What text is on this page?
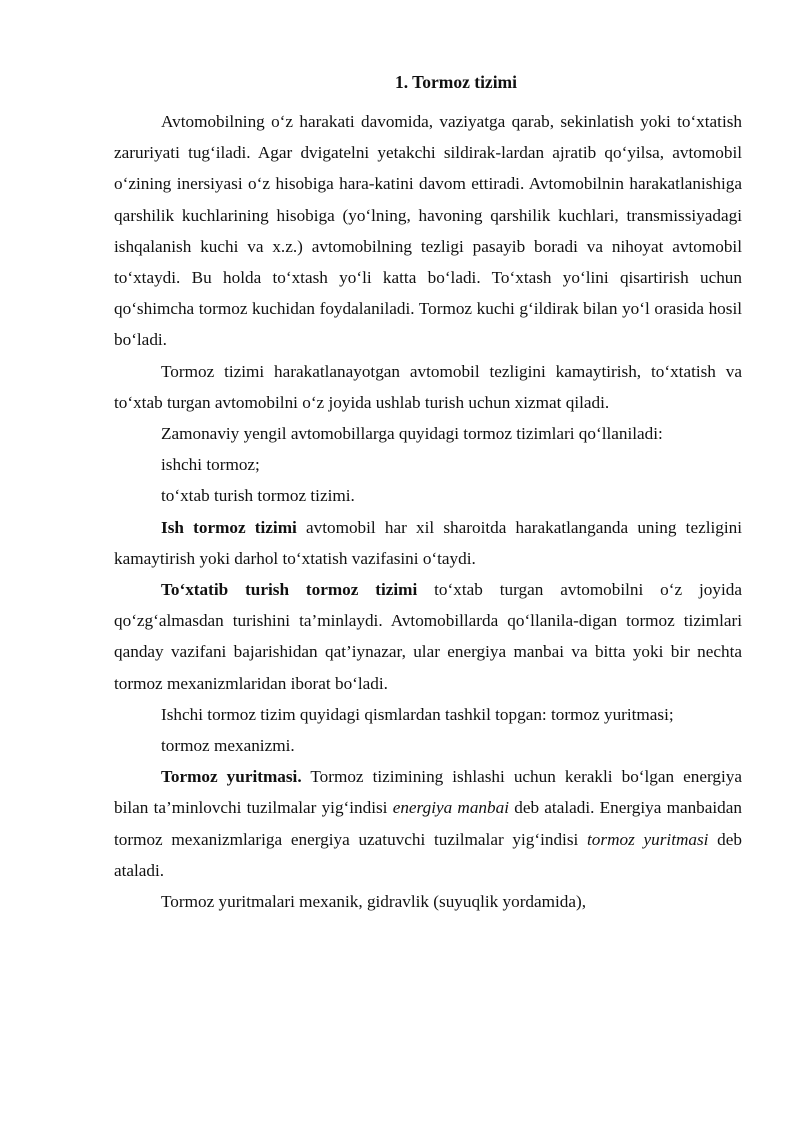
1. Tormoz tizimi

Avtomobilning o‘z harakati davomida, vaziyatga qarab, sekinlatish yoki to‘xtatish zaruriyati tug‘iladi. Agar dvigatelni yetakchi sildirak-lardan ajratib qo‘yilsa, avtomobil o‘zining inersiyasi o‘z hisobiga hara-katini davom ettiradi. Avtomobilnin harakatlanishiga qarshilik kuchlarining hisobiga (yo‘lning, havoning qarshilik kuchlari, transmissiyadagi ishqalanish kuchi va x.z.) avtomobilning tezligi pasayib boradi va nihoyat avtomobil to‘xtaydi. Bu holda to‘xtash yo‘li katta bo‘ladi. To‘xtash yo‘lini qisartirish uchun qo‘shimcha tormoz kuchidan foydalaniladi. Tormoz kuchi g‘ildirak bilan yo‘l orasida hosil bo‘ladi.

Tormoz tizimi harakatlanayotgan avtomobil tezligini kamaytirish, to‘xtatish va to‘xtab turgan avtomobilni o‘z joyida ushlab turish uchun xizmat qiladi.

Zamonaviy yengil avtomobillarga quyidagi tormoz tizimlari qo‘llaniladi:

ishchi tormoz;

to‘xtab turish tormoz tizimi.

Ish tormoz tizimi avtomobil har xil sharoitda harakatlanganda uning tezligini kamaytirish yoki darhol to‘xtatish vazifasini o‘taydi.

To‘xtatib turish tormoz tizimi to‘xtab turgan avtomobilni o‘z joyida qo‘zg‘almasdan turishini ta’minlaydi. Avtomobillarda qo‘llanila-digan tormoz tizimlari qanday vazifani bajarishidan qat’iynazar, ular energiya manbai va bitta yoki bir nechta tormoz mexanizmlaridan iborat bo‘ladi.

Ishchi tormoz tizim quyidagi qismlardan tashkil topgan: tormoz yuritmasi;

tormoz mexanizmi.

Tormoz yuritmasi. Tormoz tizimining ishlashi uchun kerakli bo‘lgan energiya bilan ta’minlovchi tuzilmalar yig‘indisi energiya manbai deb ataladi. Energiya manbaidan tormoz mexanizmlariga energiya uzatuvchi tuzilmalar yig‘indisi tormoz yuritmasi deb ataladi.

Tormoz yuritmalari mexanik, gidravlik (suyuqlik yordamida),
